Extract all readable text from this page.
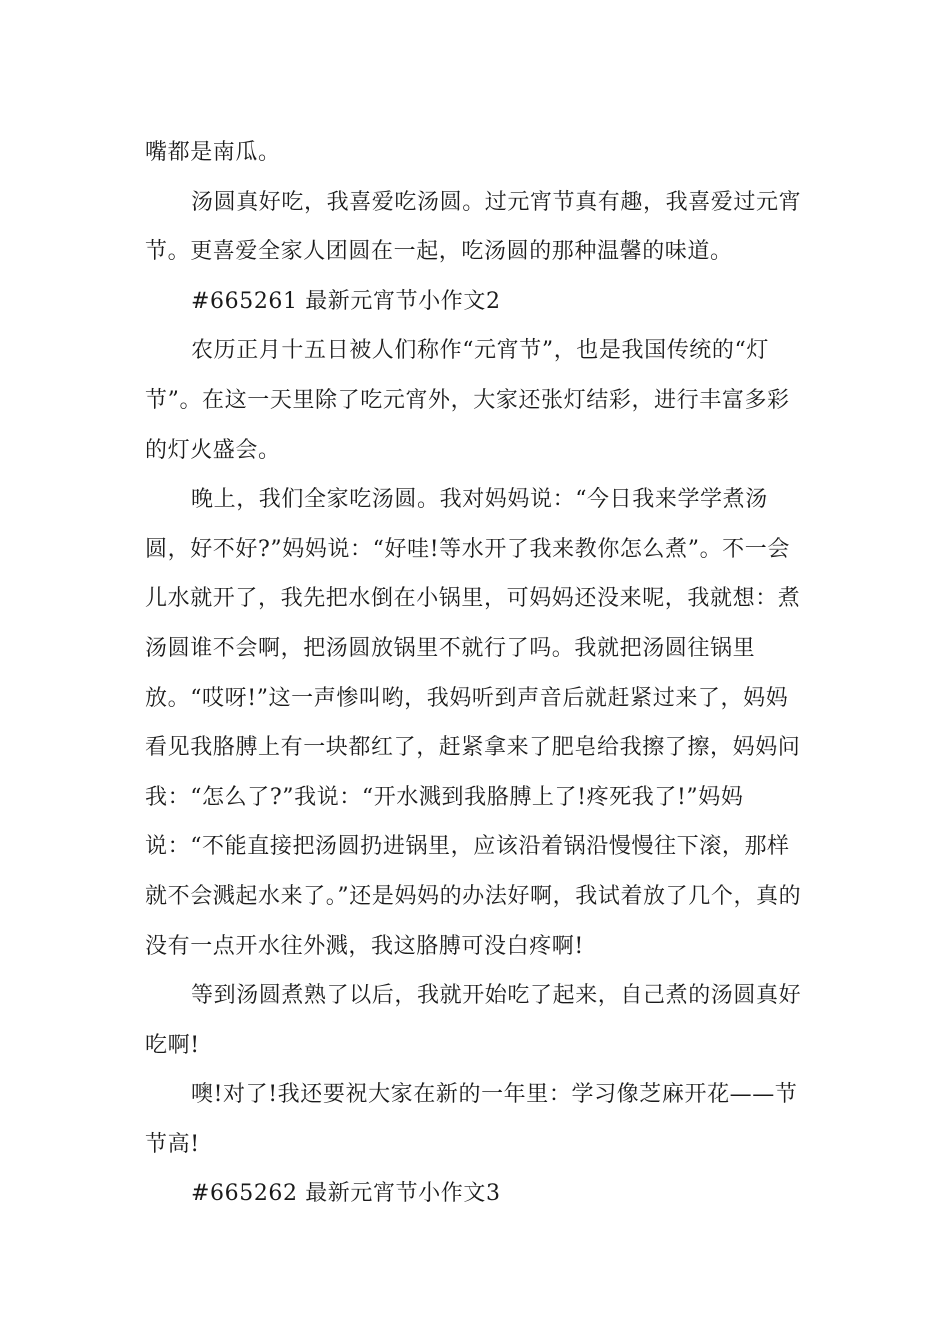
嘴都是南瓜。

汤圆真好吃，我喜爱吃汤圆。过元宵节真有趣，我喜爱过元宵节。更喜爱全家人团圆在一起，吃汤圆的那种温馨的味道。

#665261 最新元宵节小作文2

农历正月十五日被人们称作“元宵节”，也是我国传统的“灯节”。在这一天里除了吃元宵外，大家还张灯结彩，进行丰富多彩的灯火盛会。

晚上，我们全家吃汤圆。我对妈妈说：“今日我来学学煮汤圆，好不好?”妈妈说：“好哇!等水开了我来教你怎么煮”。不一会儿水就开了，我先把水倒在小锅里，可妈妈还没来呢，我就想：煮汤圆谁不会啊，把汤圆放锅里不就行了吗。我就把汤圆往锅里放。“哎呀!”这一声惨叫哟，我妈听到声音后就赶紧过来了，妈妈看见我胳膊上有一块都红了，赶紧拿来了肥皂给我擦了擦，妈妈问我：“怎么了?”我说：“开水溅到我胳膊上了!疼死我了!”妈妈说：“不能直接把汤圆扔进锅里，应该沿着锅沿慢慢往下滚，那样就不会溅起水来了。”还是妈妈的办法好啊，我试着放了几个，真的没有一点开水往外溅，我这胳膊可没白疼啊!

等到汤圆煮熟了以后，我就开始吃了起来，自己煮的汤圆真好吃啊!

噢!对了!我还要祝大家在新的一年里：学习像芝麻开花——节节高!

#665262 最新元宵节小作文3
